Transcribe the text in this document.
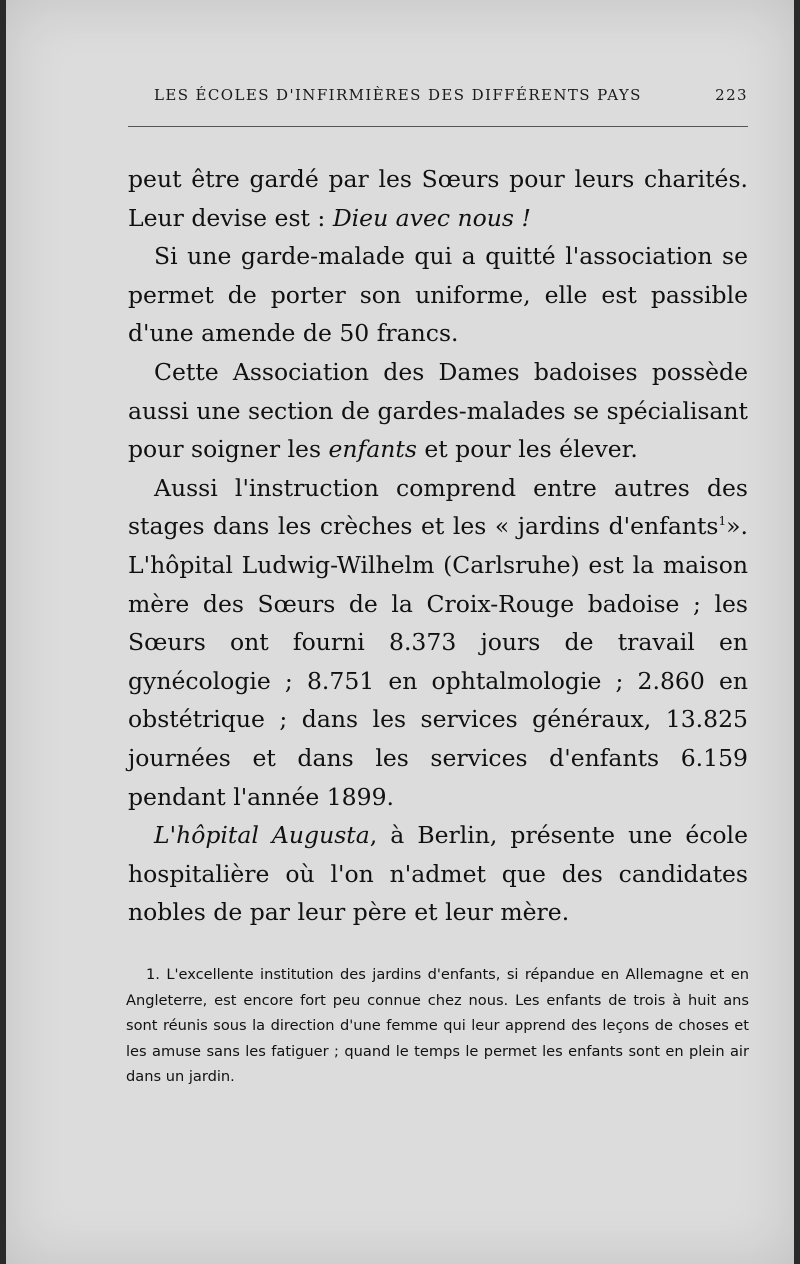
LES ÉCOLES D'INFIRMIÈRES DES DIFFÉRENTS PAYS	223

peut être gardé par les Sœurs pour leurs charités. Leur devise est : Dieu avec nous !

Si une garde-malade qui a quitté l'association se permet de porter son uniforme, elle est passible d'une amende de 50 francs.

Cette Association des Dames badoises possède aussi une section de gardes-malades se spécialisant pour soigner les enfants et pour les élever.

Aussi l'instruction comprend entre autres des stages dans les crèches et les « jardins d'enfants$^1$». L'hôpital Ludwig-Wilhelm (Carlsruhe) est la maison mère des Sœurs de la Croix-Rouge badoise ; les Sœurs ont fourni 8.373 jours de travail en gynécologie ; 8.751 en ophtalmologie ; 2.860 en obstétrique ; dans les services généraux, 13.825 journées et dans les services d'enfants 6.159 pendant l'année 1899.

L'hôpital Augusta, à Berlin, présente une école hospitalière où l'on n'admet que des candidates nobles de par leur père et leur mère.

1. L'excellente institution des jardins d'enfants, si répandue en Allemagne et en Angleterre, est encore fort peu connue chez nous. Les enfants de trois à huit ans sont réunis sous la direction d'une femme qui leur apprend des leçons de choses et les amuse sans les fatiguer ; quand le temps le permet les enfants sont en plein air dans un jardin.
